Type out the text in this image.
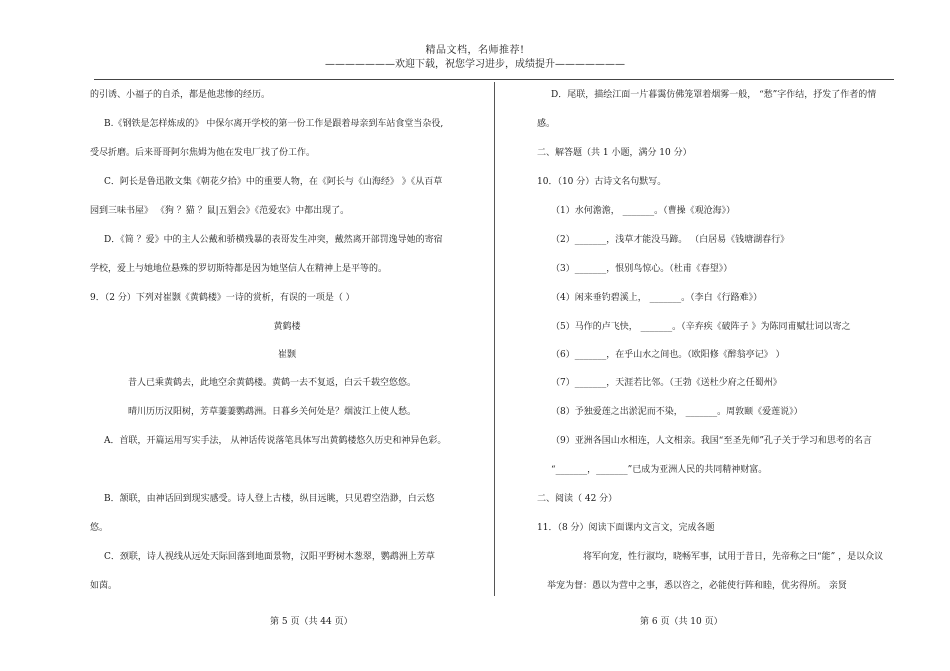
精品文档，名师推荐!
———————欢迎下载，祝您学习进步，成绩提升———————
的引诱、小福子的自杀，都是他悲惨的经历。
B.《钢铁是怎样炼成的》 中保尔离开学校的第一份工作是跟着母亲到车站食堂当杂役,
受尽折磨。后来哥哥阿尔焦姆为他在发电厂找了份工作。
C．阿长是鲁迅散文集《朝花夕拾》中的重要人物，在《阿长与《山海经》 》《从百草
园到三味书屋》 《狗 ？猫 ？鼠|五猖会》《范爱农》中都出现了。
D．《简 ？爱》中的主人公戴和骄横残暴的表哥发生冲突，戴然离开部罚逸导她的寄宿
学校，爱上与她地位悬殊的罗切斯特都是因为她坚信人在精神上是平等的。
9．（2 分）下列对崔颢《黄鹤楼》一诗的赏析，有误的一项是（ ）
黄鹤楼
崔颢
昔人已乘黄鹤去，此地空余黄鹤楼。黄鹤一去不复返，白云千载空悠悠。
晴川历历汉阳树，芳草萋萋鹦鹉洲。日暮乡关何处是？烟波江上使人愁。
A．首联，开篇运用写实手法， 从神话传说落笔具体写出黄鹤楼悠久历史和神异色彩。
B．颔联，由神话回到现实感受。诗人登上古楼，纵目远眺，只见碧空浩渺，白云悠
悠。
C．颈联，诗人视线从远处天际回落到地面景物，汉阳平野树木葱翠，鹦鹉洲上芳草
如茵。
D．尾联，描绘江面一片暮霭仿佛笼罩着烟雾一般， “愁”字作结，抒发了作者的情
感。
二、解答题（共 1 小题，满分 10 分）
10．（10 分）古诗文名句默写。
（1）水何澹澹， _______。（曹操《观沧海》）
（2）_______，浅草才能没马蹄。 （白居易《钱塘湖春行》
（3）_______，恨别鸟惊心。（杜甫《春望》）
（4）闲来垂钓碧溪上， _______。（李白《行路难》）
（5）马作的卢飞快， _______。（辛弃疾《破阵子 》为陈同甫赋壮词以寄之
（6）_______，在乎山水之间也。（欧阳修《醉翁亭记》 ）
（7）_______，天涯若比邻。（王勃《送杜少府之任蜀州》
（8）予独爱莲之出淤泥而不染， _______。周敦颐《爱莲说》）
（9）亚洲各国山水相连，人文相亲。我国“至圣先师”孔子关于学习和思考的名言
“_______，_______”已成为亚洲人民的共同精神财富。
二、阅读（ 42 分）
11．（8 分）阅读下面课内文言文，完成各题
将军向宠，性行淑均，晓畅军事，试用于昔日，先帝称之曰“能” ，是以众议
举宠为督：愚以为营中之事，悉以咨之，必能使行阵和睦，优劣得所。 亲贤
第 5 页（共 44 页）	第 6 页（共 10 页）
